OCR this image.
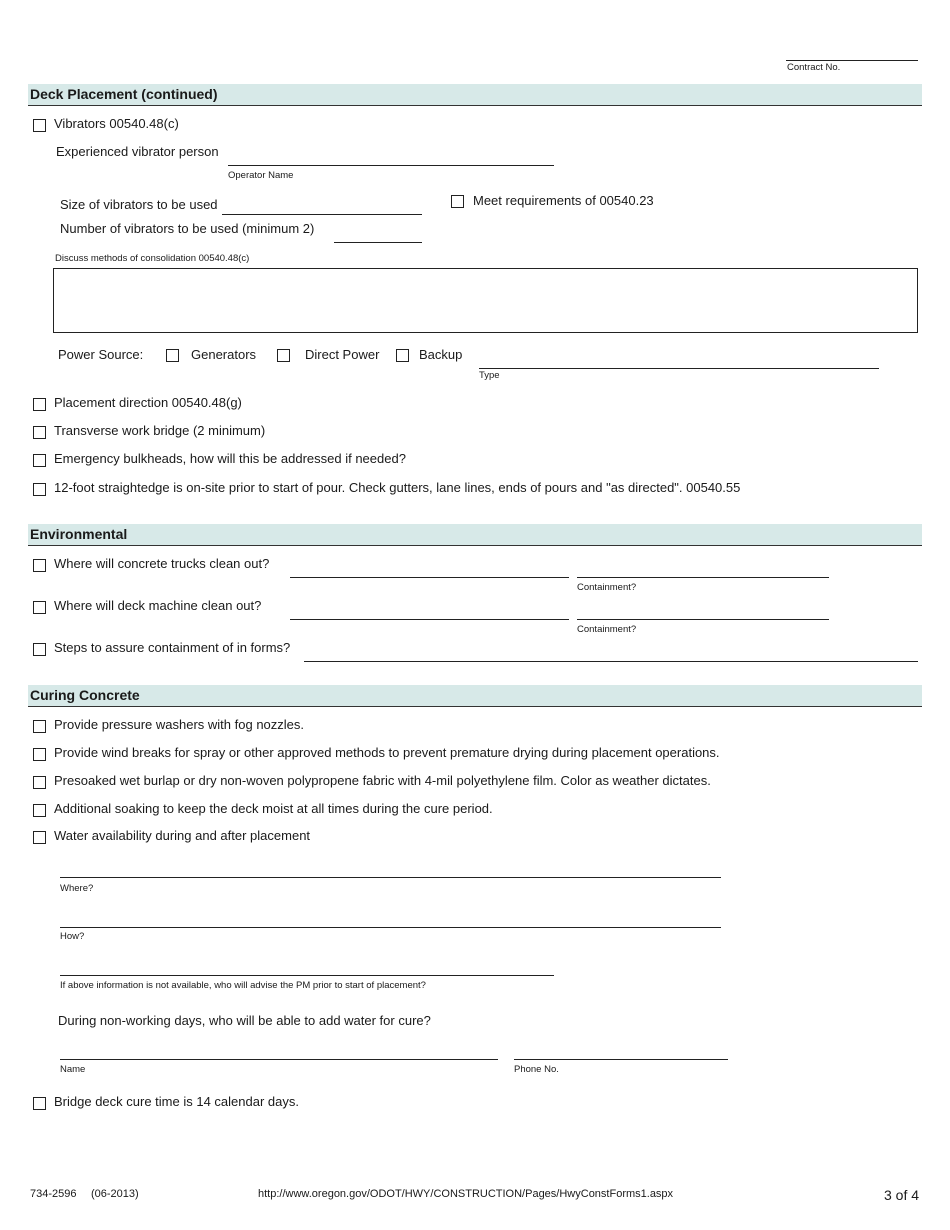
Contract No.
Deck Placement (continued)
Vibrators 00540.48(c)
Experienced vibrator person
Operator Name
Size of vibrators to be used	Meet requirements of 00540.23
Number of vibrators to be used (minimum 2)
Discuss methods of consolidation 00540.48(c)
Power Source:	Generators	Direct Power	Backup
Type
Placement direction 00540.48(g)
Transverse work bridge (2 minimum)
Emergency bulkheads, how will this be addressed if needed?
12-foot straightedge is on-site prior to start of pour. Check gutters, lane lines, ends of pours and "as directed". 00540.55
Environmental
Where will concrete trucks clean out?
Containment?
Where will deck machine clean out?
Containment?
Steps to assure containment of in forms?
Curing Concrete
Provide pressure washers with fog nozzles.
Provide wind breaks for spray or other approved methods to prevent premature drying during placement operations.
Presoaked wet burlap or dry non-woven polypropene fabric with 4-mil polyethylene film. Color as weather dictates.
Additional soaking to keep the deck moist at all times during the cure period.
Water availability during and after placement
Where?
How?
If above information is not available, who will advise the PM prior to start of placement?
During non-working days, who will be able to add water for cure?
Name	Phone No.
Bridge deck cure time is 14 calendar days.
734-2596 (06-2013)	http://www.oregon.gov/ODOT/HWY/CONSTRUCTION/Pages/HwyConstForms1.aspx	3 of 4
